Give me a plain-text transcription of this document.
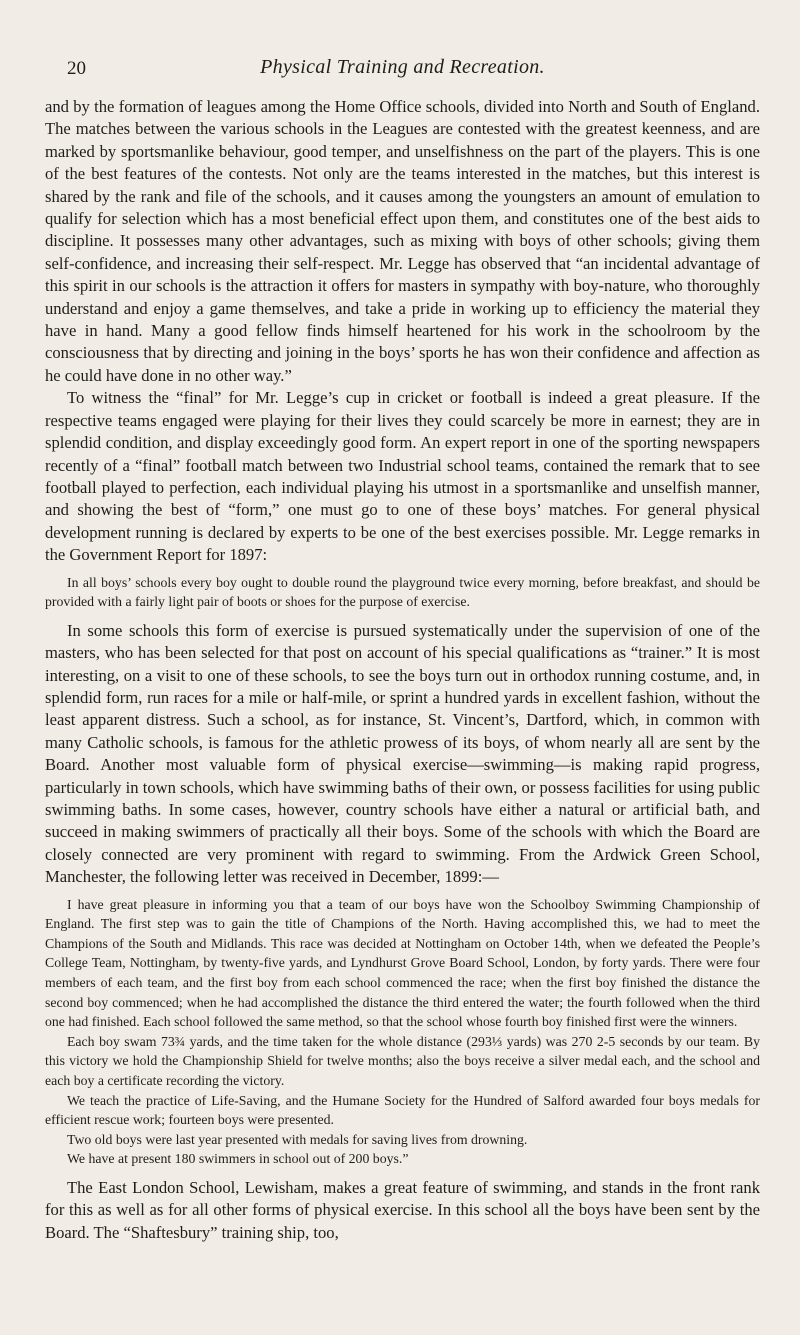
20	Physical Training and Recreation.

and by the formation of leagues among the Home Office schools, divided into North and South of England. The matches between the various schools in the Leagues are contested with the greatest keenness, and are marked by sportsmanlike behaviour, good temper, and unselfishness on the part of the players. This is one of the best features of the contests. Not only are the teams interested in the matches, but this interest is shared by the rank and file of the schools, and it causes among the youngsters an amount of emulation to qualify for selection which has a most beneficial effect upon them, and constitutes one of the best aids to discipline. It possesses many other advantages, such as mixing with boys of other schools; giving them self-confidence, and increasing their self-respect. Mr. Legge has observed that “an incidental advantage of this spirit in our schools is the attraction it offers for masters in sympathy with boy-nature, who thoroughly understand and enjoy a game themselves, and take a pride in working up to efficiency the material they have in hand. Many a good fellow finds himself heartened for his work in the schoolroom by the consciousness that by directing and joining in the boys’ sports he has won their confidence and affection as he could have done in no other way.”

To witness the “final” for Mr. Legge’s cup in cricket or football is indeed a great pleasure. If the respective teams engaged were playing for their lives they could scarcely be more in earnest; they are in splendid condition, and display exceedingly good form. An expert report in one of the sporting newspapers recently of a “final” football match between two Industrial school teams, contained the remark that to see football played to perfection, each individual playing his utmost in a sportsmanlike and unselfish manner, and showing the best of “form,” one must go to one of these boys’ matches. For general physical development running is declared by experts to be one of the best exercises possible. Mr. Legge remarks in the Government Report for 1897:

In all boys’ schools every boy ought to double round the playground twice every morning, before breakfast, and should be provided with a fairly light pair of boots or shoes for the purpose of exercise.

In some schools this form of exercise is pursued systematically under the supervision of one of the masters, who has been selected for that post on account of his special qualifications as “trainer.” It is most interesting, on a visit to one of these schools, to see the boys turn out in orthodox running costume, and, in splendid form, run races for a mile or half-mile, or sprint a hundred yards in excellent fashion, without the least apparent distress. Such a school, as for instance, St. Vincent’s, Dartford, which, in common with many Catholic schools, is famous for the athletic prowess of its boys, of whom nearly all are sent by the Board. Another most valuable form of physical exercise—swimming—is making rapid progress, particularly in town schools, which have swimming baths of their own, or possess facilities for using public swimming baths. In some cases, however, country schools have either a natural or artificial bath, and succeed in making swimmers of practically all their boys. Some of the schools with which the Board are closely connected are very prominent with regard to swimming. From the Ardwick Green School, Manchester, the following letter was received in December, 1899:—

I have great pleasure in informing you that a team of our boys have won the Schoolboy Swimming Championship of England. The first step was to gain the title of Champions of the North. Having accomplished this, we had to meet the Champions of the South and Midlands. This race was decided at Nottingham on October 14th, when we defeated the People’s College Team, Nottingham, by twenty-five yards, and Lyndhurst Grove Board School, London, by forty yards. There were four members of each team, and the first boy from each school commenced the race; when the first boy finished the distance the second boy commenced; when he had accomplished the distance the third entered the water; the fourth followed when the third one had finished. Each school followed the same method, so that the school whose fourth boy finished first were the winners.

Each boy swam 73¾ yards, and the time taken for the whole distance (293⅓ yards) was 270 2-5 seconds by our team. By this victory we hold the Championship Shield for twelve months; also the boys receive a silver medal each, and the school and each boy a certificate recording the victory.

We teach the practice of Life-Saving, and the Humane Society for the Hundred of Salford awarded four boys medals for efficient rescue work; fourteen boys were presented.

Two old boys were last year presented with medals for saving lives from drowning.

We have at present 180 swimmers in school out of 200 boys.”

The East London School, Lewisham, makes a great feature of swimming, and stands in the front rank for this as well as for all other forms of physical exercise. In this school all the boys have been sent by the Board. The “Shaftesbury” training ship, too,
